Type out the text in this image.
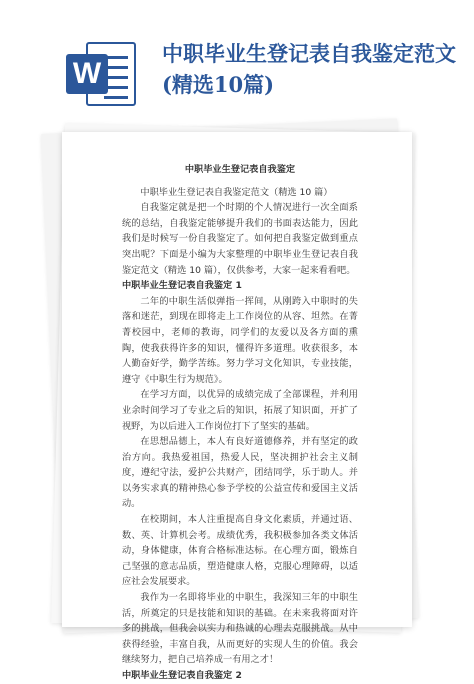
W
中职毕业生登记表自我鉴定范文(精选10篇)

中职毕业生登记表自我鉴定

中职毕业生登记表自我鉴定范文（精选 10 篇）

自我鉴定就是把一个时期的个人情况进行一次全面系统的总结，自我鉴定能够提升我们的书面表达能力，因此我们是时候写一份自我鉴定了。如何把自我鉴定做到重点突出呢？下面是小编为大家整理的中职毕业生登记表自我鉴定范文（精选 10 篇），仅供参考，大家一起来看看吧。

中职毕业生登记表自我鉴定 1

二年的中职生活似弹指一挥间，从刚跨入中职时的失落和迷茫，到现在即将走上工作岗位的从容、坦然。在菁菁校园中，老师的教诲，同学们的友爱以及各方面的熏陶，使我获得许多的知识，懂得许多道理。收获很多，本人勤奋好学，勤学苦练。努力学习文化知识，专业技能，遵守《中职生行为规范》。

在学习方面，以优异的成绩完成了全部课程，并利用业余时间学习了专业之后的知识，拓展了知识面，开扩了视野，为以后进入工作岗位打下了坚实的基础。

在思想品德上，本人有良好道德修养，并有坚定的政治方向。我热爱祖国，热爱人民，坚决拥护社会主义制度，遵纪守法，爱护公共财产，团结同学，乐于助人。并以务实求真的精神热心参予学校的公益宣传和爱国主义活动。

在校期间，本人注重提高自身文化素质，并通过语、数、英、计算机会考。成绩优秀，我积极参加各类文体活动，身体健康，体育合格标准达标。在心理方面，锻炼自己坚强的意志品质，塑造健康人格，克服心理障碍，以适应社会发展要求。

我作为一名即将毕业的中职生，我深知三年的中职生活，所奠定的只是技能和知识的基础。在未来我将面对许多的挑战，但我会以实力和热诚的心理去克服挑战。从中获得经验，丰富自我，从而更好的实现人生的价值。我会继续努力，把自己培养成一有用之才！

中职毕业生登记表自我鉴定 2
